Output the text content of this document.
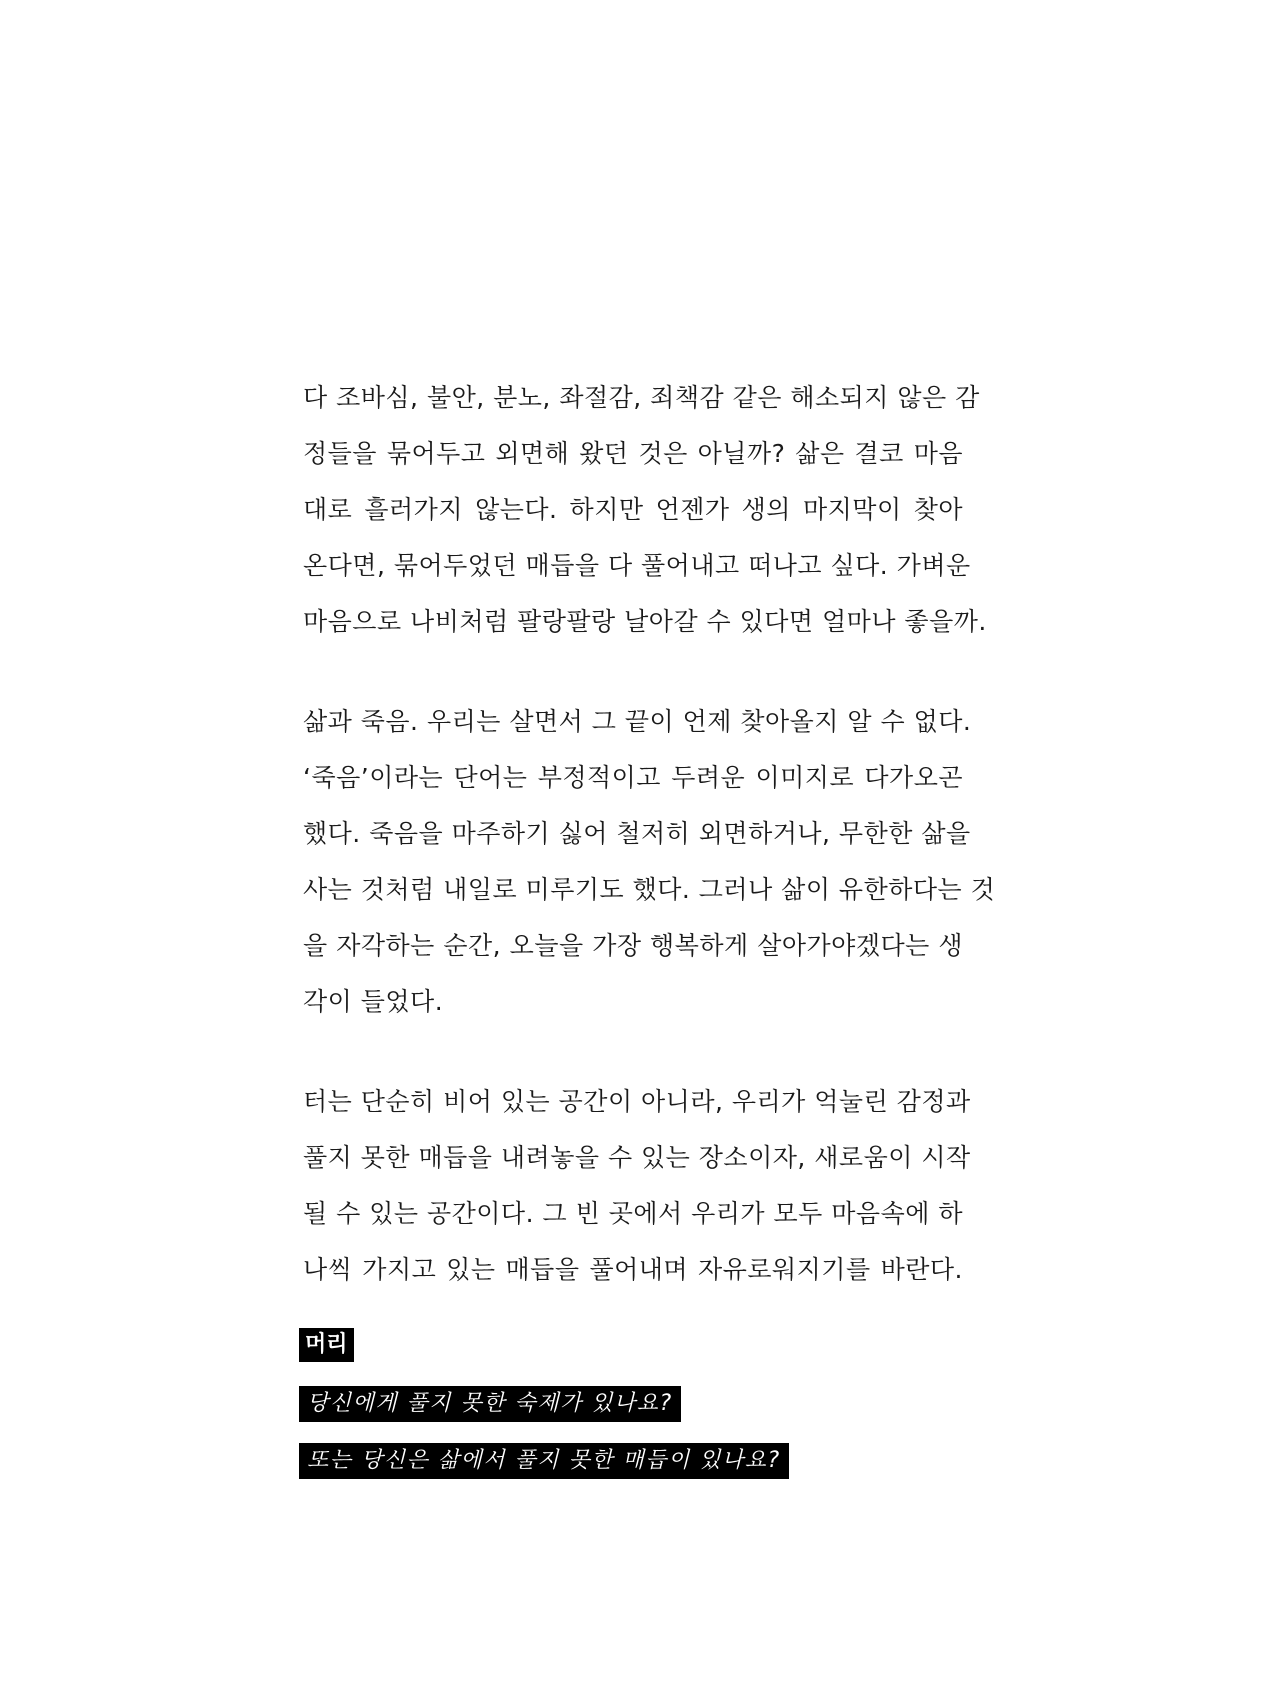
다 조바심, 불안, 분노, 좌절감, 죄책감 같은 해소되지 않은 감
정들을 묶어두고 외면해 왔던 것은 아닐까? 삶은 결코 마음
대로 흘러가지 않는다. 하지만 언젠가 생의 마지막이 찾아
온다면, 묶어두었던 매듭을 다 풀어내고 떠나고 싶다. 가벼운
마음으로 나비처럼 팔랑팔랑 날아갈 수 있다면 얼마나 좋을까.
삶과 죽음. 우리는 살면서 그 끝이 언제 찾아올지 알 수 없다.
‘죽음’이라는 단어는 부정적이고 두려운 이미지로 다가오곤
했다. 죽음을 마주하기 싫어 철저히 외면하거나, 무한한 삶을
사는 것처럼 내일로 미루기도 했다. 그러나 삶이 유한하다는 것
을 자각하는 순간, 오늘을 가장 행복하게 살아가야겠다는 생
각이 들었다.
터는 단순히 비어 있는 공간이 아니라, 우리가 억눌린 감정과
풀지 못한 매듭을 내려놓을 수 있는 장소이자, 새로움이 시작
될 수 있는 공간이다. 그 빈 곳에서 우리가 모두 마음속에 하
나씩 가지고 있는 매듭을 풀어내며 자유로워지기를 바란다.
머리
당신에게 풀지 못한 숙제가 있나요?
또는 당신은 삶에서 풀지 못한 매듭이 있나요?
